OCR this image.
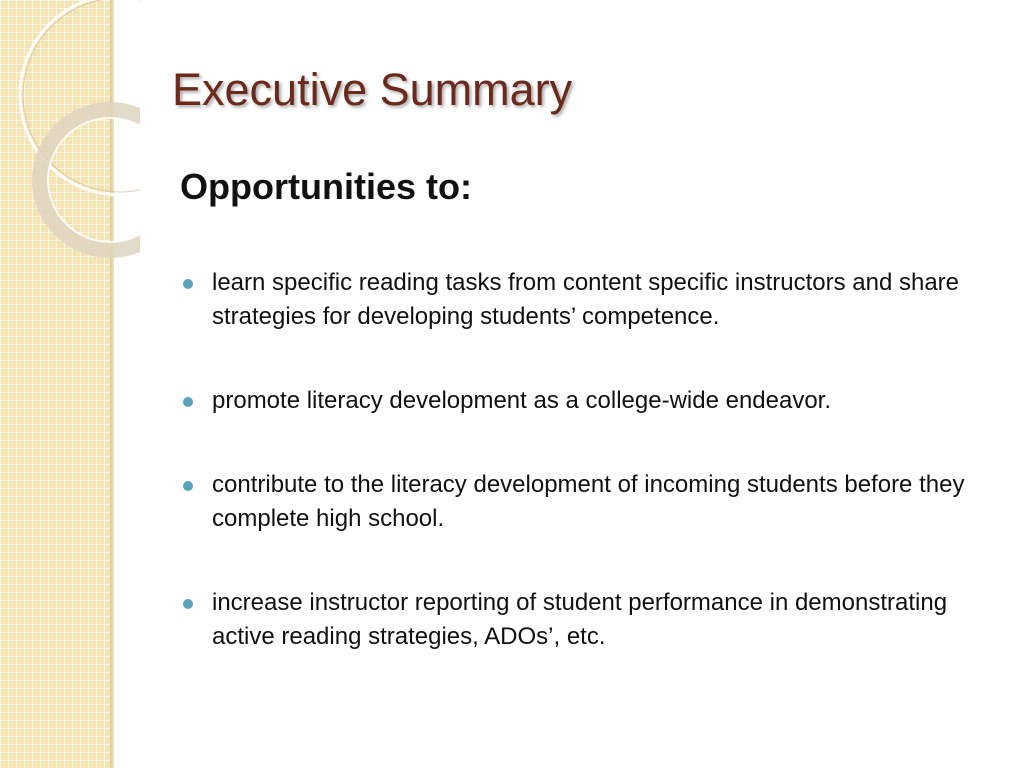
Executive Summary
Opportunities to:
learn specific reading tasks from content specific instructors and share strategies for developing students’ competence.
promote literacy development as a college-wide endeavor.
contribute to the literacy development of incoming students before they complete high school.
increase instructor reporting of student performance in demonstrating active reading strategies, ADOs’, etc.
